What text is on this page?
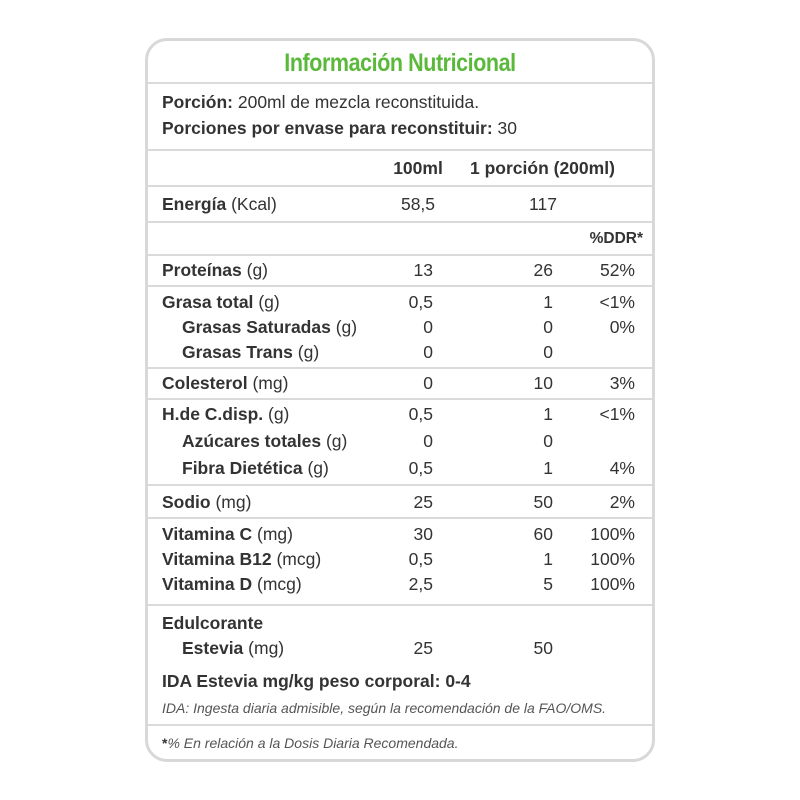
Información Nutricional
Porción: 200ml de mezcla reconstituida.
Porciones por envase para reconstituir: 30
100ml	1 porción (200ml)
Energía (Kcal)	58,5	117
%DDR*
Proteínas (g)	13	26	52%
Grasa total (g)	0,5	1	<1%
Grasas Saturadas (g)	0	0	0%
Grasas Trans (g)	0	0
Colesterol (mg)	0	10	3%
H.de C.disp. (g)	0,5	1	<1%
Azúcares totales (g)	0	0
Fibra Dietética (g)	0,5	1	4%
Sodio (mg)	25	50	2%
Vitamina C (mg)	30	60	100%
Vitamina B12 (mcg)	0,5	1	100%
Vitamina D (mcg)	2,5	5	100%
Edulcorante
Estevia (mg)	25	50
IDA Estevia mg/kg peso corporal: 0-4
IDA: Ingesta diaria admisible, según la recomendación de la FAO/OMS.
*% En relación a la Dosis Diaria Recomendada.
